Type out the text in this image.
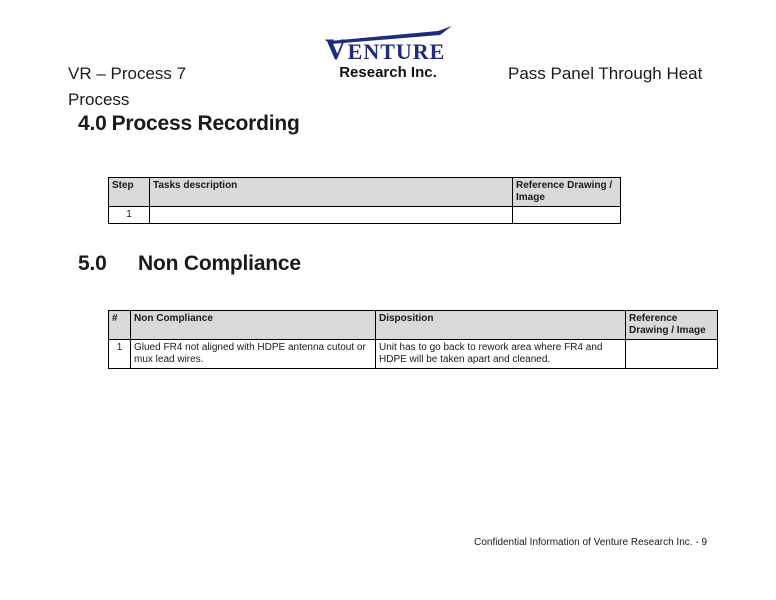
VENTURE
Research Inc.
VR – Process 7
Process
Pass Panel Through Heat
4.0 Process Recording
Step	Tasks description	Reference Drawing / Image
1		
5.0 Non Compliance
#	Non Compliance	Disposition	Reference Drawing / Image
1	Glued FR4 not aligned with HDPE antenna cutout or mux lead wires.	Unit has to go back to rework area where FR4 and HDPE will be taken apart and cleaned.	
Confidential Information of Venture Research Inc. - 9
